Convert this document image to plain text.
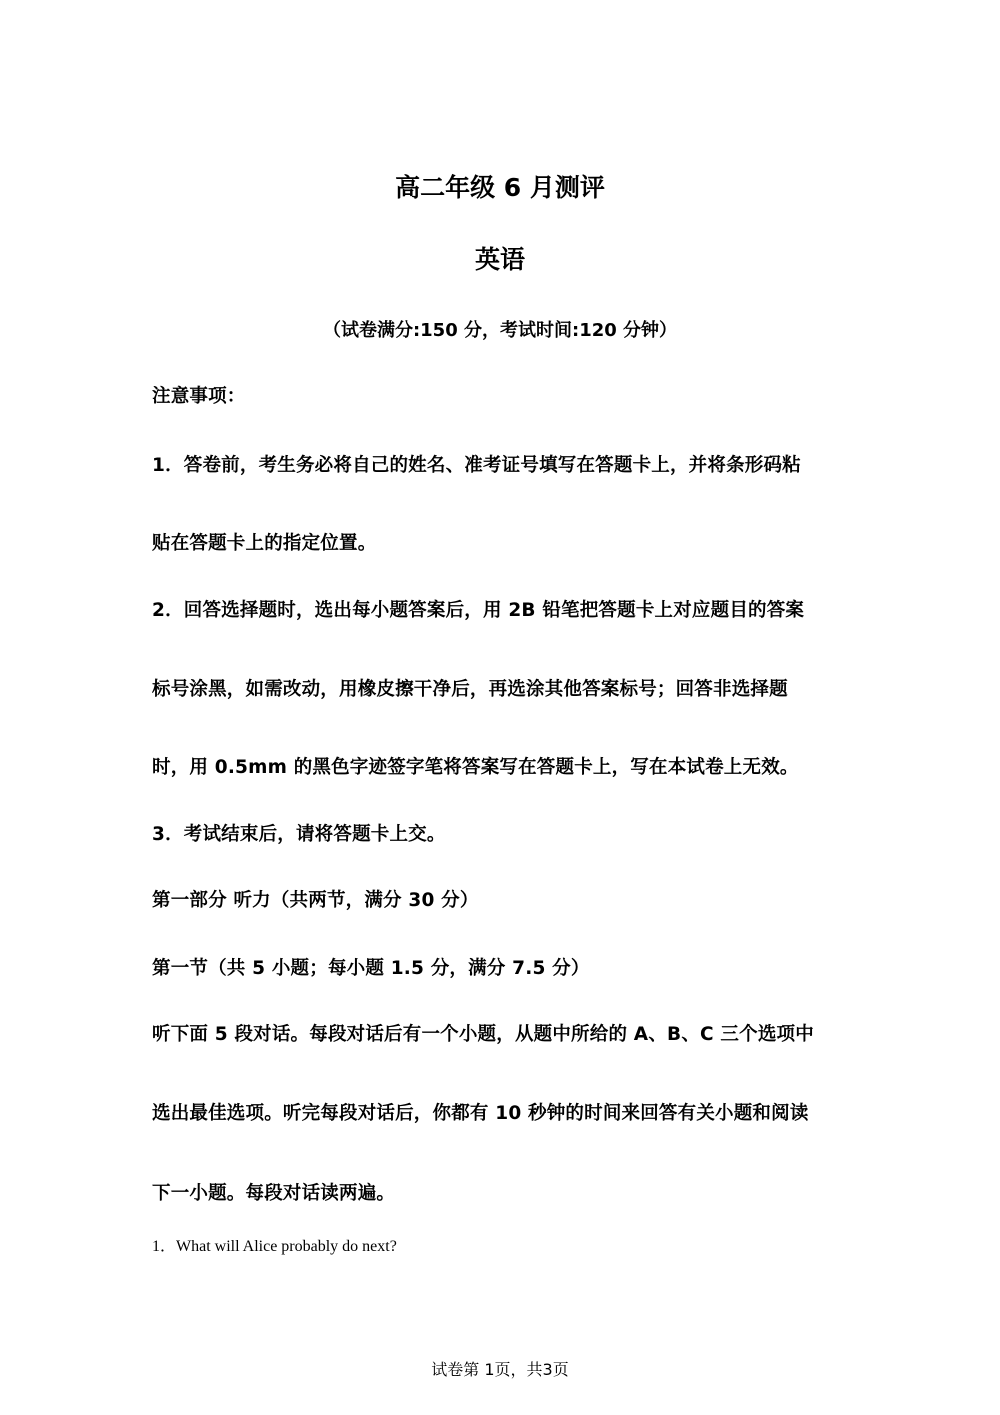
高二年级 6 月测评
英语
（试卷满分:150 分，考试时间:120 分钟）
注意事项：
1．答卷前，考生务必将自己的姓名、准考证号填写在答题卡上，并将条形码粘
贴在答题卡上的指定位置。
2．回答选择题时，选出每小题答案后，用 2B 铅笔把答题卡上对应题目的答案
标号涂黑，如需改动，用橡皮擦干净后，再选涂其他答案标号；回答非选择题
时，用 0.5mm 的黑色字迹签字笔将答案写在答题卡上，写在本试卷上无效。
3．考试结束后，请将答题卡上交。
第一部分 听力（共两节，满分 30 分）
第一节（共 5 小题；每小题 1.5 分，满分 7.5 分）
听下面 5 段对话。每段对话后有一个小题，从题中所给的 A、B、C 三个选项中
选出最佳选项。听完每段对话后，你都有 10 秒钟的时间来回答有关小题和阅读
下一小题。每段对话读两遍。
1．What will Alice probably do next?
试卷第 1页，共3页
